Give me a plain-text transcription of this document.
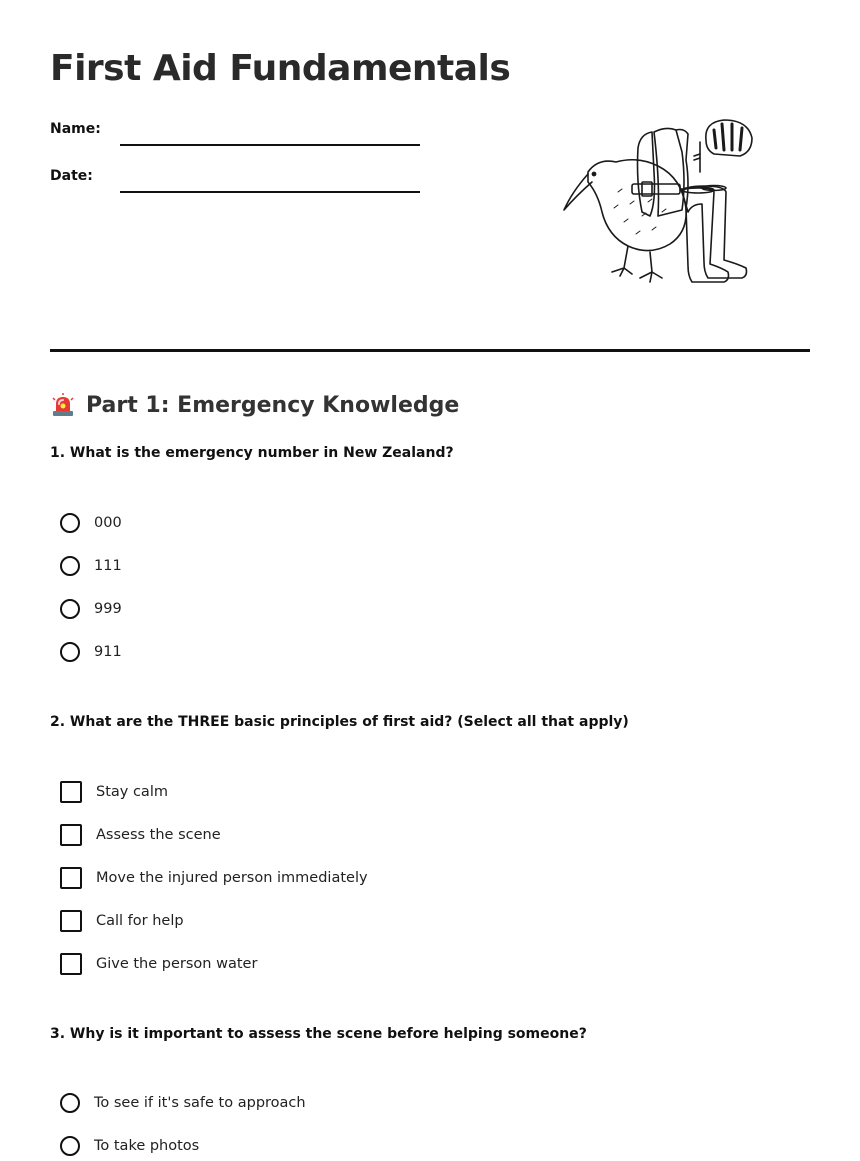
First Aid Fundamentals
Name:
Date:
Part 1: Emergency Knowledge

1. What is the emergency number in New Zealand?

000
111
999
911

2. What are the THREE basic principles of first aid? (Select all that apply)

Stay calm
Assess the scene
Move the injured person immediately
Call for help
Give the person water

3. Why is it important to assess the scene before helping someone?

To see if it's safe to approach
To take photos
